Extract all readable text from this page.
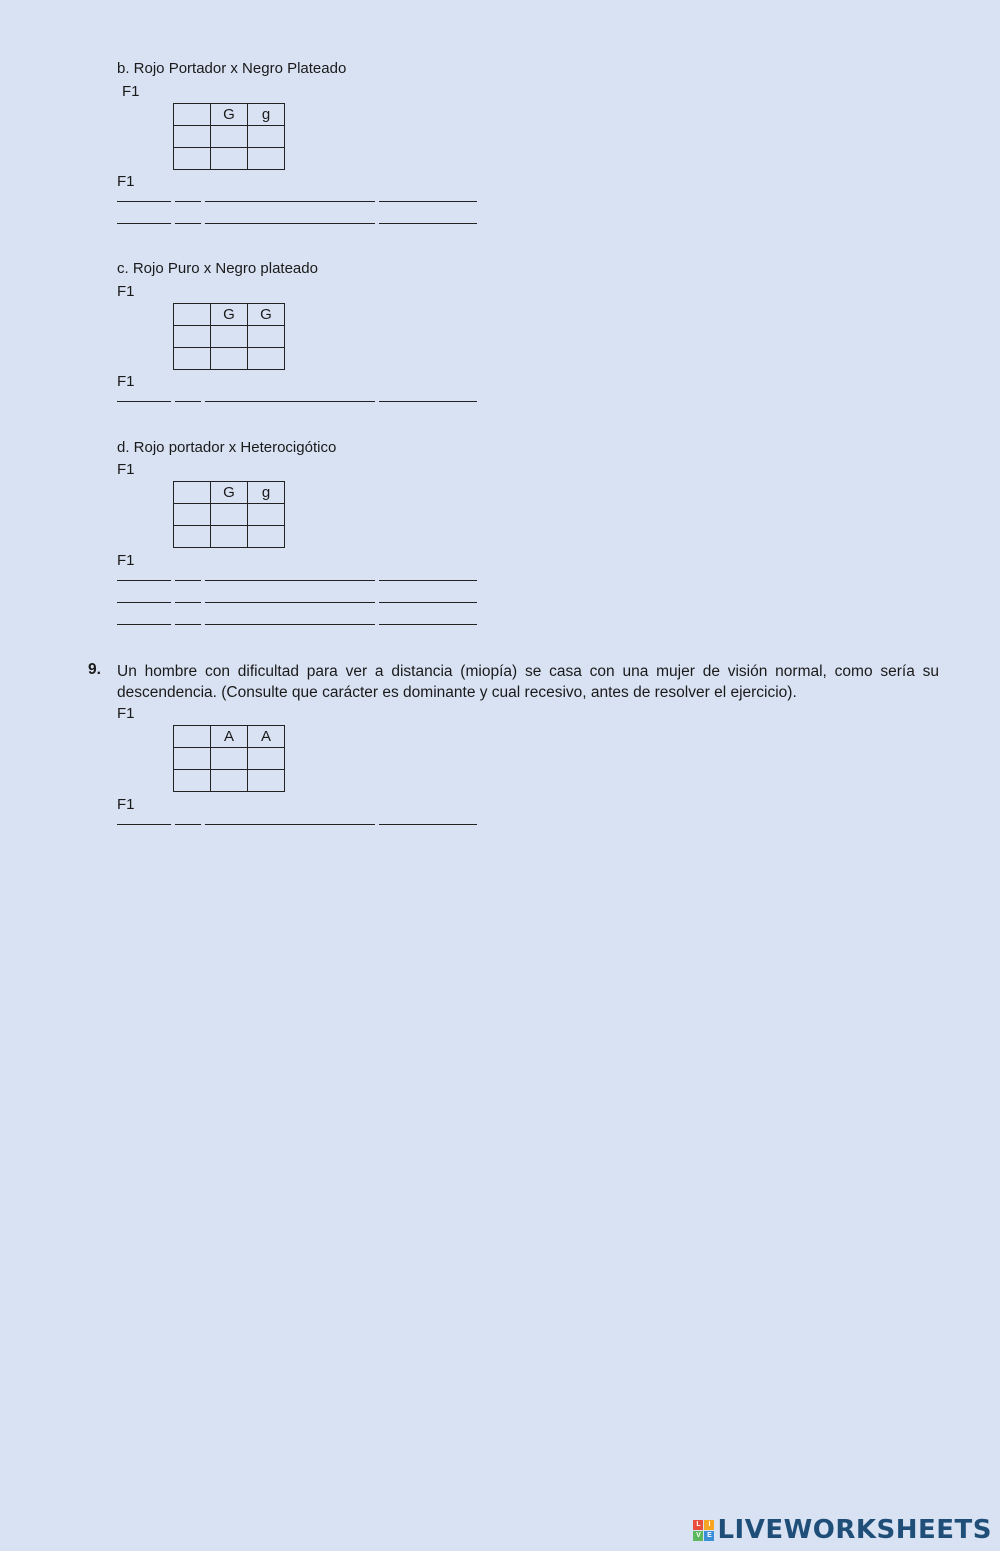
b. Rojo Portador x Negro Plateado
F1
	G	g

F1
c. Rojo Puro x Negro plateado
F1
	G	G

F1
d. Rojo portador x Heterocigótico
F1
	G	g

F1
9. Un hombre con dificultad para ver a distancia (miopía) se casa con una mujer de visión normal, como sería su descendencia. (Consulte que carácter es dominante y cual recesivo, antes de resolver el ejercicio).
F1
	A	A

F1
L	I
V E LIVEWORKSHEETS
